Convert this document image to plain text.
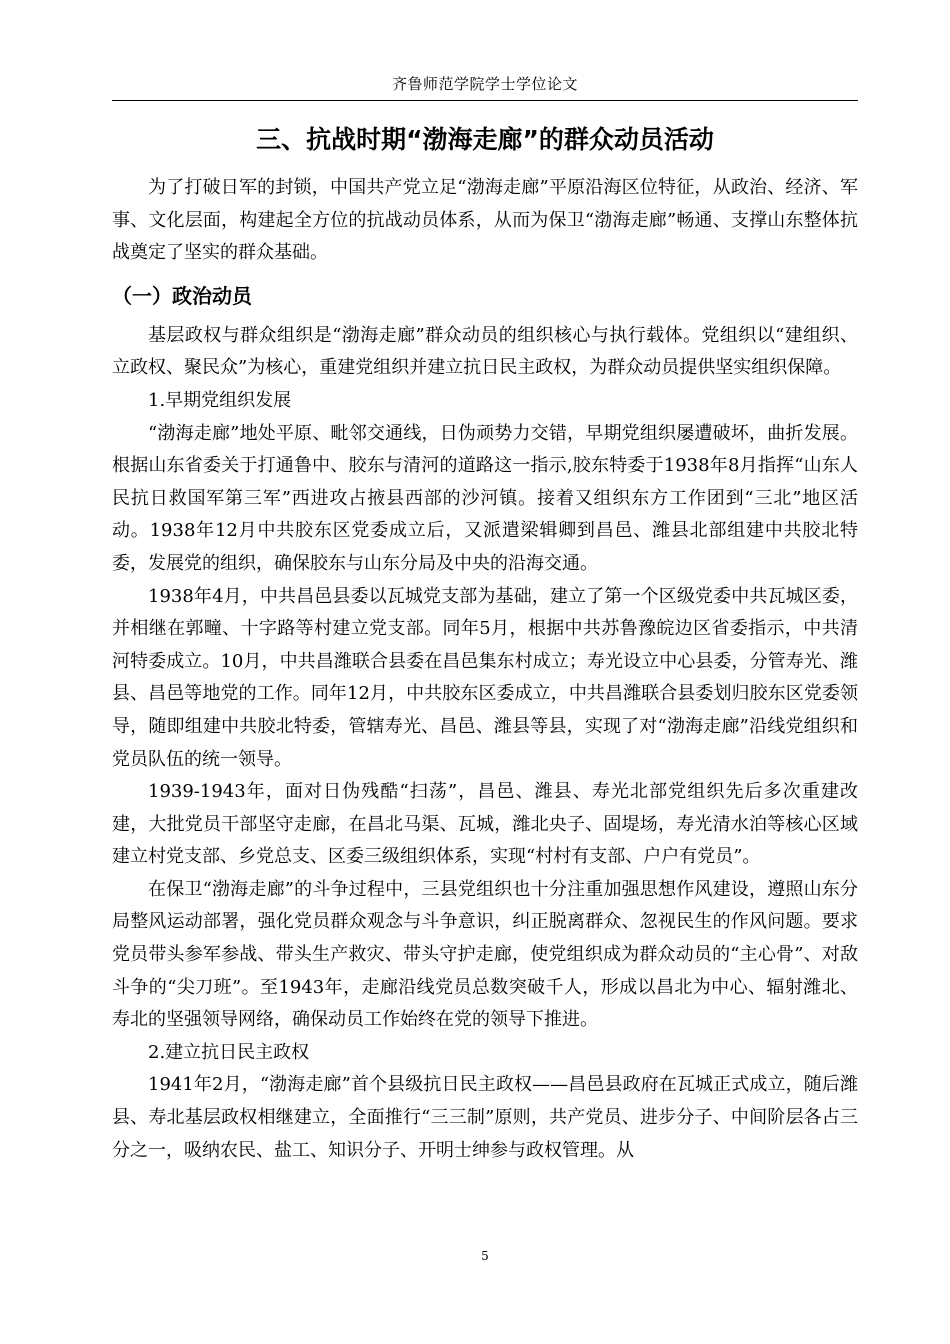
齐鲁师范学院学士学位论文
三、抗战时期“渤海走廊”的群众动员活动

为了打破日军的封锁，中国共产党立足“渤海走廊”平原沿海区位特征，从政治、经济、军事、文化层面，构建起全方位的抗战动员体系，从而为保卫“渤海走廊”畅通、支撑山东整体抗战奠定了坚实的群众基础。

（一）政治动员

基层政权与群众组织是“渤海走廊”群众动员的组织核心与执行载体。党组织以“建组织、立政权、聚民众”为核心，重建党组织并建立抗日民主政权，为群众动员提供坚实组织保障。

1.早期党组织发展

“渤海走廊”地处平原、毗邻交通线，日伪顽势力交错，早期党组织屡遭破坏，曲折发展。根据山东省委关于打通鲁中、胶东与清河的道路这一指示,胶东特委于1938年8月指挥“山东人民抗日救国军第三军”西进攻占掖县西部的沙河镇。接着又组织东方工作团到“三北”地区活动。1938年12月中共胶东区党委成立后，又派遣梁辑卿到昌邑、潍县北部组建中共胶北特委，发展党的组织，确保胶东与山东分局及中央的沿海交通。

1938年4月，中共昌邑县委以瓦城党支部为基础，建立了第一个区级党委中共瓦城区委，并相继在郭疃、十字路等村建立党支部。同年5月，根据中共苏鲁豫皖边区省委指示，中共清河特委成立。10月，中共昌潍联合县委在昌邑集东村成立；寿光设立中心县委，分管寿光、潍县、昌邑等地党的工作。同年12月，中共胶东区委成立，中共昌潍联合县委划归胶东区党委领导，随即组建中共胶北特委，管辖寿光、昌邑、潍县等县，实现了对“渤海走廊”沿线党组织和党员队伍的统一领导。

1939-1943年，面对日伪残酷“扫荡”，昌邑、潍县、寿光北部党组织先后多次重建改建，大批党员干部坚守走廊，在昌北马渠、瓦城，潍北央子、固堤场，寿光清水泊等核心区域建立村党支部、乡党总支、区委三级组织体系，实现“村村有支部、户户有党员”。

在保卫“渤海走廊”的斗争过程中，三县党组织也十分注重加强思想作风建设，遵照山东分局整风运动部署，强化党员群众观念与斗争意识，纠正脱离群众、忽视民生的作风问题。要求党员带头参军参战、带头生产救灾、带头守护走廊，使党组织成为群众动员的“主心骨”、对敌斗争的“尖刀班”。至1943年，走廊沿线党员总数突破千人，形成以昌北为中心、辐射潍北、寿北的坚强领导网络，确保动员工作始终在党的领导下推进。

2.建立抗日民主政权

1941年2月，“渤海走廊”首个县级抗日民主政权——昌邑县政府在瓦城正式成立，随后潍县、寿北基层政权相继建立，全面推行“三三制”原则，共产党员、进步分子、中间阶层各占三分之一，吸纳农民、盐工、知识分子、开明士绅参与政权管理。从

5
